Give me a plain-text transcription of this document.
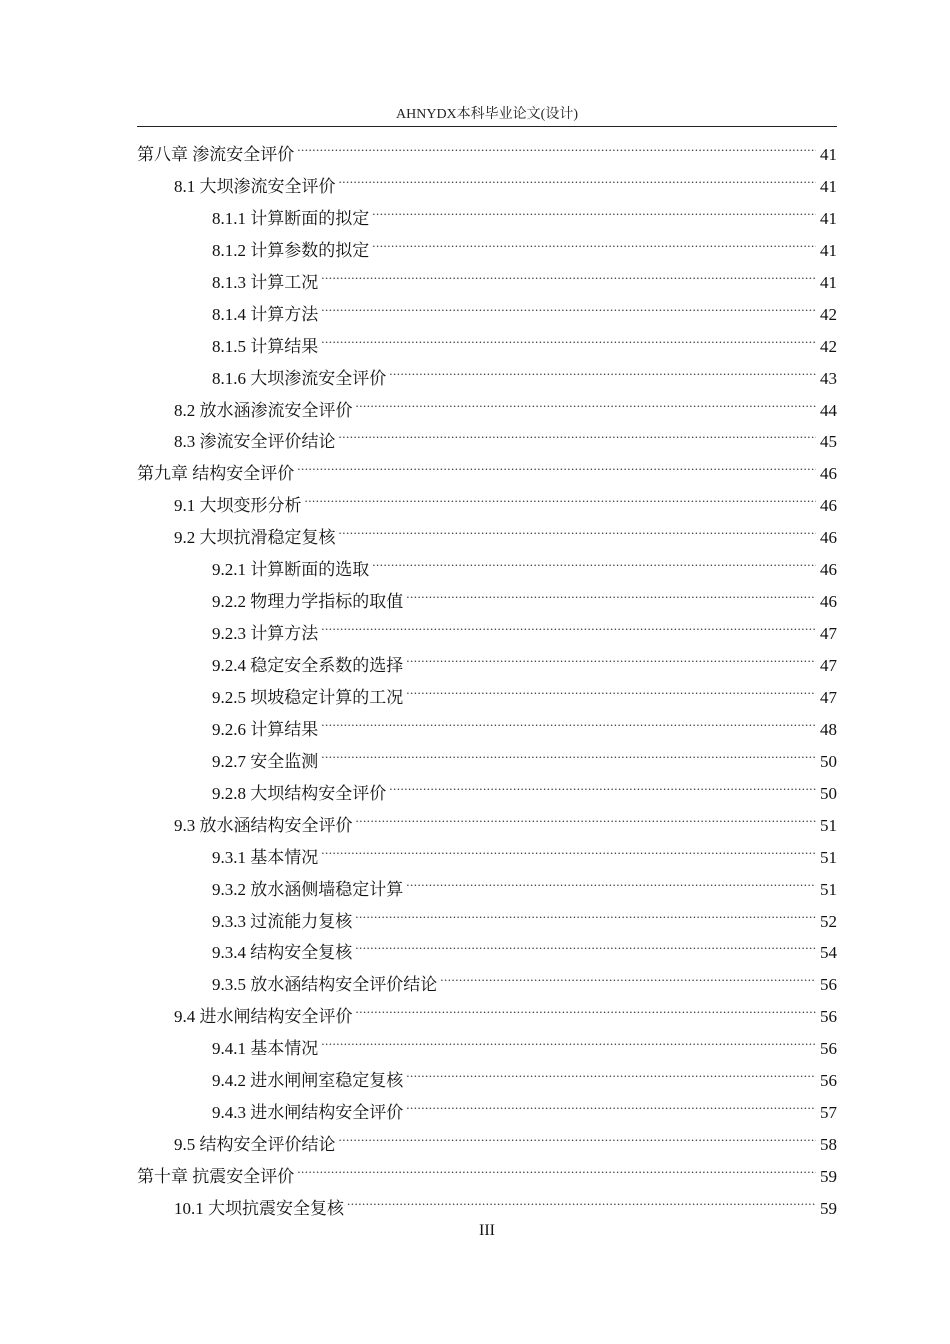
AHNYDX本科毕业论文(设计)
第八章 渗流安全评价 .....	41
8.1 大坝渗流安全评价 .....	41
8.1.1 计算断面的拟定 .....	41
8.1.2 计算参数的拟定 .....	41
8.1.3 计算工况 .....	41
8.1.4 计算方法 .....	42
8.1.5 计算结果 .....	42
8.1.6 大坝渗流安全评价 .....	43
8.2 放水涵渗流安全评价 .....	44
8.3 渗流安全评价结论 .....	45
第九章 结构安全评价 .....	46
9.1 大坝变形分析 .....	46
9.2 大坝抗滑稳定复核 .....	46
9.2.1 计算断面的选取 .....	46
9.2.2 物理力学指标的取值 .....	46
9.2.3 计算方法 .....	47
9.2.4 稳定安全系数的选择 .....	47
9.2.5 坝坡稳定计算的工况 .....	47
9.2.6 计算结果 .....	48
9.2.7 安全监测 .....	50
9.2.8 大坝结构安全评价 .....	50
9.3 放水涵结构安全评价 .....	51
9.3.1 基本情况 .....	51
9.3.2 放水涵侧墙稳定计算 .....	51
9.3.3 过流能力复核 .....	52
9.3.4 结构安全复核 .....	54
9.3.5 放水涵结构安全评价结论 .....	56
9.4 进水闸结构安全评价 .....	56
9.4.1 基本情况 .....	56
9.4.2 进水闸闸室稳定复核 .....	56
9.4.3 进水闸结构安全评价 .....	57
9.5 结构安全评价结论 .....	58
第十章 抗震安全评价 .....	59
10.1 大坝抗震安全复核 .....	59
III
